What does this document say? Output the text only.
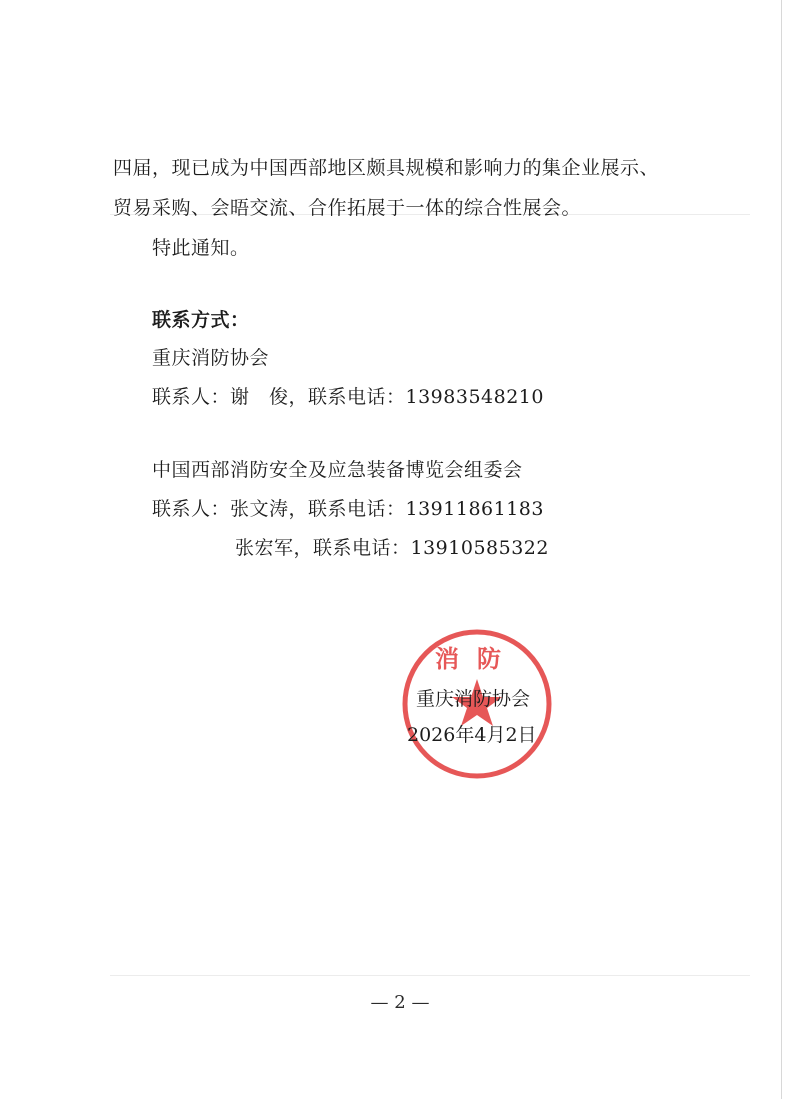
四届，现已成为中国西部地区颇具规模和影响力的集企业展示、
贸易采购、会晤交流、合作拓展于一体的综合性展会。
特此通知。
联系方式：
重庆消防协会
联系人：谢　俊，联系电话：13983548210
中国西部消防安全及应急装备博览会组委会
联系人：张文涛，联系电话：13911861183
张宏军，联系电话：13910585322
消防
重庆消防协会
2026年4月2日
— 2 —
